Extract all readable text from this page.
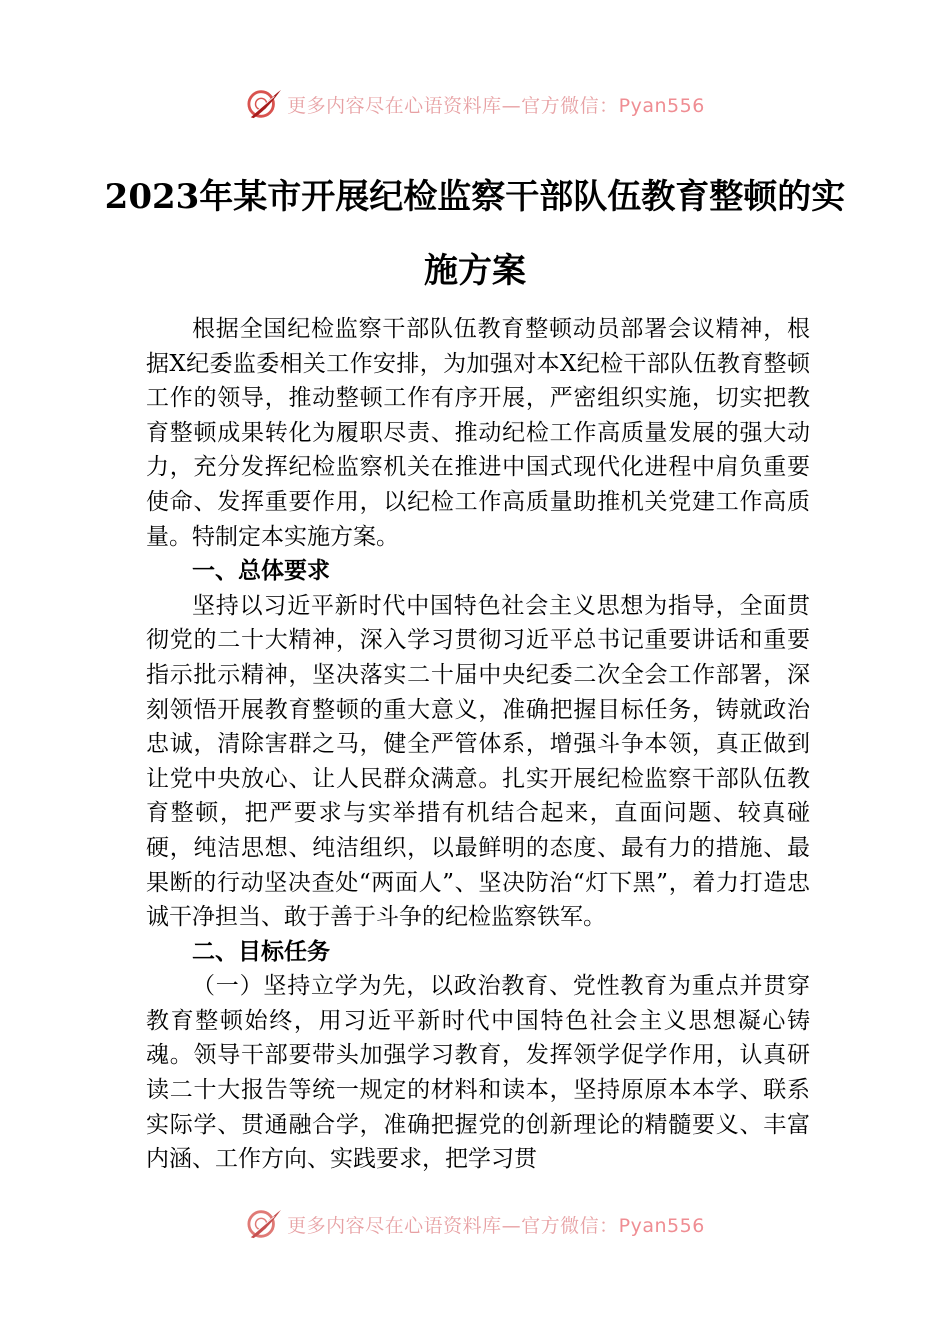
更多内容尽在心语资料库—官方微信：Pyan556
2023年某市开展纪检监察干部队伍教育整顿的实施方案

根据全国纪检监察干部队伍教育整顿动员部署会议精神，根据X纪委监委相关工作安排，为加强对本X纪检干部队伍教育整顿工作的领导，推动整顿工作有序开展，严密组织实施，切实把教育整顿成果转化为履职尽责、推动纪检工作高质量发展的强大动力，充分发挥纪检监察机关在推进中国式现代化进程中肩负重要使命、发挥重要作用，以纪检工作高质量助推机关党建工作高质量。特制定本实施方案。

一、总体要求

坚持以习近平新时代中国特色社会主义思想为指导，全面贯彻党的二十大精神，深入学习贯彻习近平总书记重要讲话和重要指示批示精神，坚决落实二十届中央纪委二次全会工作部署，深刻领悟开展教育整顿的重大意义，准确把握目标任务，铸就政治忠诚，清除害群之马，健全严管体系，增强斗争本领，真正做到让党中央放心、让人民群众满意。扎实开展纪检监察干部队伍教育整顿，把严要求与实举措有机结合起来，直面问题、较真碰硬，纯洁思想、纯洁组织，以最鲜明的态度、最有力的措施、最果断的行动坚决查处“两面人”、坚决防治“灯下黑”，着力打造忠诚干净担当、敢于善于斗争的纪检监察铁军。

二、目标任务

（一）坚持立学为先，以政治教育、党性教育为重点并贯穿教育整顿始终，用习近平新时代中国特色社会主义思想凝心铸魂。领导干部要带头加强学习教育，发挥领学促学作用，认真研读二十大报告等统一规定的材料和读本，坚持原原本本学、联系实际学、贯通融合学，准确把握党的创新理论的精髓要义、丰富内涵、工作方向、实践要求，把学习贯

更多内容尽在心语资料库—官方微信：Pyan556
